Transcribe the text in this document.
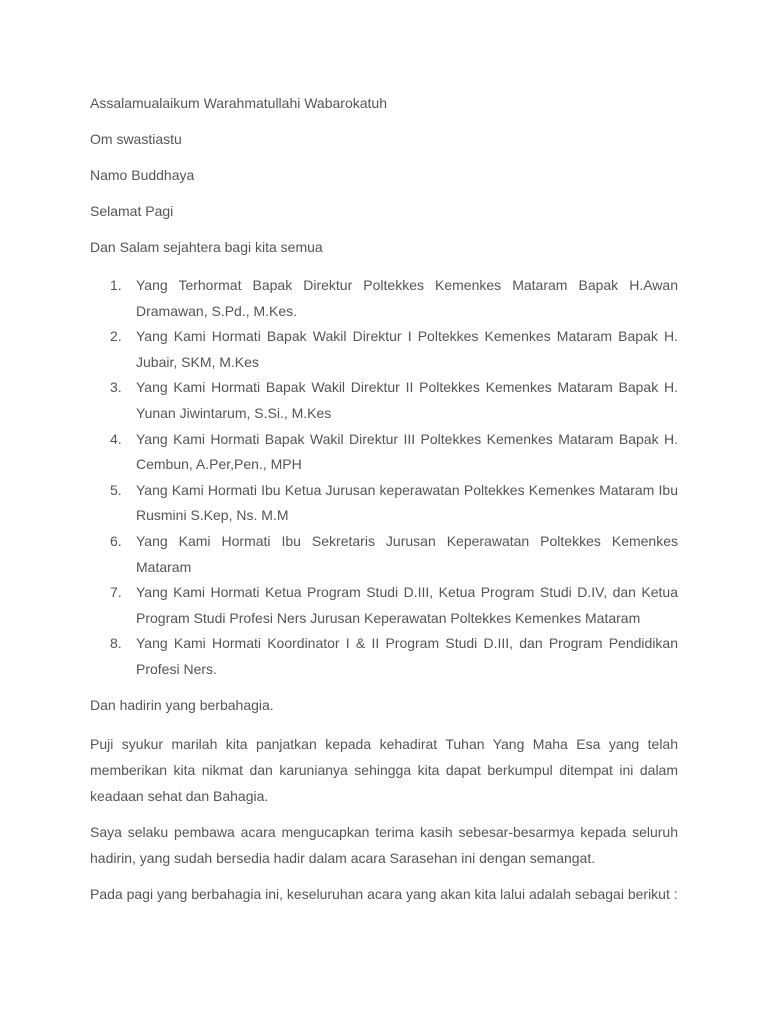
Assalamualaikum Warahmatullahi Wabarokatuh

Om swastiastu

Namo Buddhaya

Selamat Pagi

Dan Salam sejahtera bagi kita semua

1.	Yang Terhormat Bapak Direktur Poltekkes Kemenkes Mataram Bapak H.Awan Dramawan, S.Pd., M.Kes.
2.	Yang Kami Hormati Bapak Wakil Direktur I Poltekkes Kemenkes Mataram Bapak H. Jubair, SKM, M.Kes
3.	Yang Kami Hormati Bapak Wakil Direktur II Poltekkes Kemenkes Mataram Bapak H. Yunan Jiwintarum, S.Si., M.Kes
4.	Yang Kami Hormati Bapak Wakil Direktur III Poltekkes Kemenkes Mataram Bapak H. Cembun, A.Per,Pen., MPH
5.	Yang Kami Hormati Ibu Ketua Jurusan keperawatan Poltekkes Kemenkes Mataram Ibu Rusmini S.Kep, Ns. M.M
6.	Yang Kami Hormati Ibu Sekretaris Jurusan Keperawatan Poltekkes Kemenkes Mataram
7.	Yang Kami Hormati Ketua Program Studi D.III, Ketua Program Studi D.IV, dan Ketua Program Studi Profesi Ners Jurusan Keperawatan Poltekkes Kemenkes Mataram
8.	Yang Kami Hormati Koordinator I & II Program Studi D.III, dan Program Pendidikan Profesi Ners.

Dan hadirin yang berbahagia.

Puji syukur marilah kita panjatkan kepada kehadirat Tuhan Yang Maha Esa yang telah memberikan kita nikmat dan karunianya sehingga kita dapat berkumpul ditempat ini dalam keadaan sehat dan Bahagia.

Saya selaku pembawa acara mengucapkan terima kasih sebesar-besarmya kepada seluruh hadirin, yang sudah bersedia hadir dalam acara Sarasehan ini dengan semangat.

Pada pagi yang berbahagia ini, keseluruhan acara yang akan kita lalui adalah sebagai berikut :
